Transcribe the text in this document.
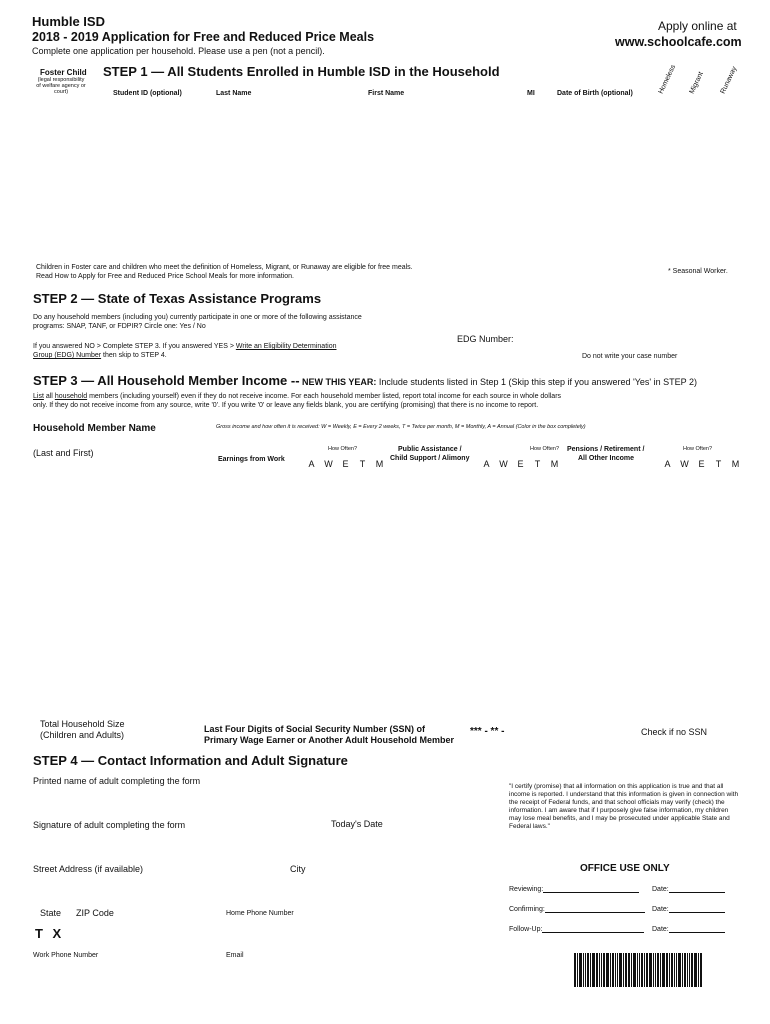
Humble ISD
2018 - 2019 Application for Free and Reduced Price Meals
Complete one application per household. Please use a pen (not a pencil).
Apply online at
www.schoolcafe.com
Foster Child
(legal responsibility of welfare agency or court)
STEP 1 — All Students Enrolled in Humble ISD in the Household
Student ID (optional)	Last Name	First Name	MI	Date of Birth (optional)	Homeless Migrant Runaway
Children in Foster care and children who meet the definition of Homeless, Migrant, or Runaway are eligible for free meals.
Read How to Apply for Free and Reduced Price School Meals for more information.
* Seasonal Worker.
STEP 2 — State of Texas Assistance Programs
Do any household members (including you) currently participate in one or more of the following assistance
programs: SNAP, TANF, or FDPIR? Circle one: Yes / No
EDG Number:
If you answered NO > Complete STEP 3. If you answered YES > Write an Eligibility Determination
Group (EDG) Number then skip to STEP 4.	Do not write your case number
STEP 3 — All Household Member Income -- NEW THIS YEAR: Include students listed in Step 1 (Skip this step if you answered 'Yes' in STEP 2)
List all household members (including yourself) even if they do not receive income. For each household member listed, report total income for each source in whole dollars
only. If they do not receive income from any source, write '0'. If you write '0' or leave any fields blank, you are certifying (promising) that there is no income to report.
Household Member Name	Gross income and how often it is received: W = Weekly, E = Every 2 weeks, T = Twice per month, M = Monthly, A = Annual (Color in the box completely)
(Last and First)	How Often?	How Often?	How Often?
Earnings from Work
Public Assistance /
Child Support / Alimony
Pensions / Retirement /
All Other Income
A W E T M	A W E T M	A W E T M
Total Household Size
(Children and Adults)
Last Four Digits of Social Security Number (SSN) of
Primary Wage Earner or Another Adult Household Member
*** - ** -	Check if no SSN
STEP 4 — Contact Information and Adult Signature
Printed name of adult completing the form
Signature of adult completing the form	Today's Date
"I certify (promise) that all information on this application is true and that all income is reported. I understand that this information is given in connection with the receipt of Federal funds, and that school officials may verify (check) the information. I am aware that if I purposely give false information, my children may lose meal benefits, and I may be prosecuted under applicable State and Federal laws."
Street Address (if available)	City	OFFICE USE ONLY
Reviewing:	Date:
Confirming:	Date:
Follow-Up:	Date:
State ZIP Code	Home Phone Number
T X
Work Phone Number	Email
